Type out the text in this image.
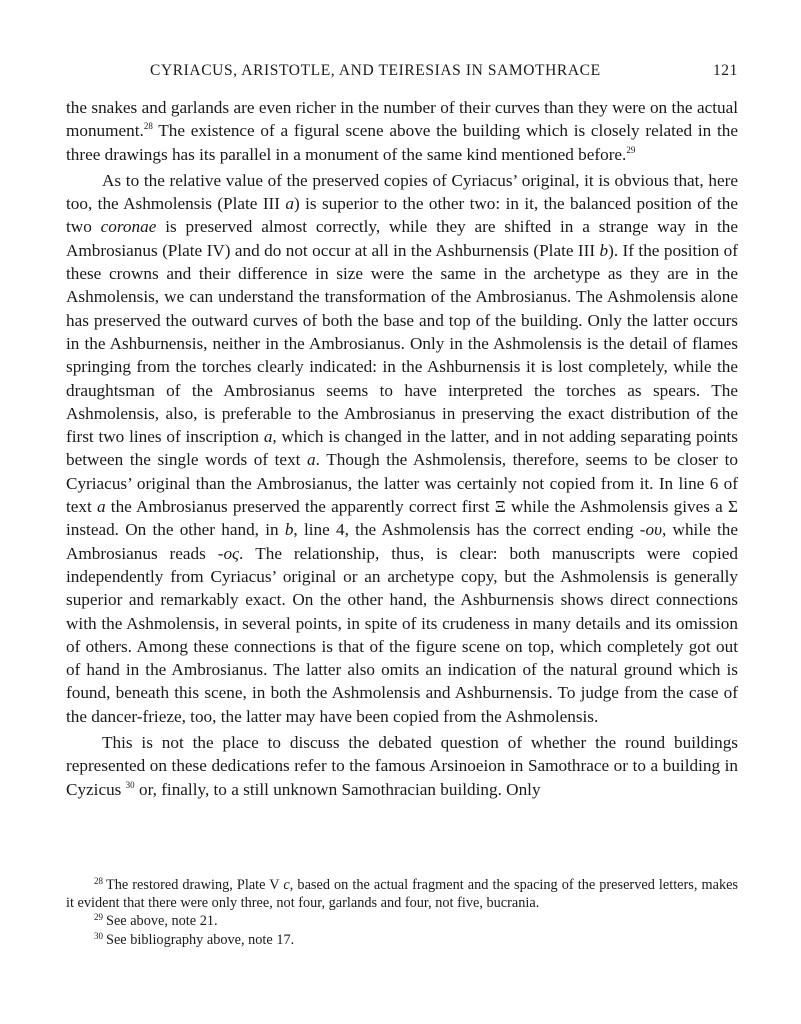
CYRIACUS, ARISTOTLE, AND TEIRESIAS IN SAMOTHRACE	121

the snakes and garlands are even richer in the number of their curves than they were on the actual monument.$^{28}$ The existence of a figural scene above the building which is closely related in the three drawings has its parallel in a monument of the same kind mentioned before.$^{29}$

As to the relative value of the preserved copies of Cyriacus’ original, it is obvious that, here too, the Ashmolensis (Plate III a) is superior to the other two: in it, the balanced position of the two coronae is preserved almost correctly, while they are shifted in a strange way in the Ambrosianus (Plate IV) and do not occur at all in the Ashburnensis (Plate III b). If the position of these crowns and their difference in size were the same in the archetype as they are in the Ashmolensis, we can understand the transformation of the Ambrosianus. The Ashmolensis alone has preserved the outward curves of both the base and top of the building. Only the latter occurs in the Ashburnensis, neither in the Ambrosianus. Only in the Ashmolensis is the detail of flames springing from the torches clearly indicated: in the Ashburnensis it is lost completely, while the draughtsman of the Ambrosianus seems to have interpreted the torches as spears. The Ashmolensis, also, is preferable to the Ambrosianus in preserving the exact distribution of the first two lines of inscription a, which is changed in the latter, and in not adding separating points between the single words of text a. Though the Ashmolensis, therefore, seems to be closer to Cyriacus’ original than the Ambrosianus, the latter was certainly not copied from it. In line 6 of text a the Ambrosianus preserved the apparently correct first Ξ while the Ashmolensis gives a Σ instead. On the other hand, in b, line 4, the Ashmolensis has the correct ending -ου, while the Ambrosianus reads -ος. The relationship, thus, is clear: both manuscripts were copied independently from Cyriacus’ original or an archetype copy, but the Ashmolensis is generally superior and remarkably exact. On the other hand, the Ashburnensis shows direct connections with the Ashmolensis, in several points, in spite of its crudeness in many details and its omission of others. Among these connections is that of the figure scene on top, which completely got out of hand in the Ambrosianus. The latter also omits an indication of the natural ground which is found, beneath this scene, in both the Ashmolensis and Ashburnensis. To judge from the case of the dancer-frieze, too, the latter may have been copied from the Ashmolensis.

This is not the place to discuss the debated question of whether the round buildings represented on these dedications refer to the famous Arsinoeion in Samothrace or to a building in Cyzicus $^{30}$ or, finally, to a still unknown Samothracian building. Only

$^{28}$ The restored drawing, Plate V c, based on the actual fragment and the spacing of the preserved letters, makes it evident that there were only three, not four, garlands and four, not five, bucrania.

$^{29}$ See above, note 21.

$^{30}$ See bibliography above, note 17.
